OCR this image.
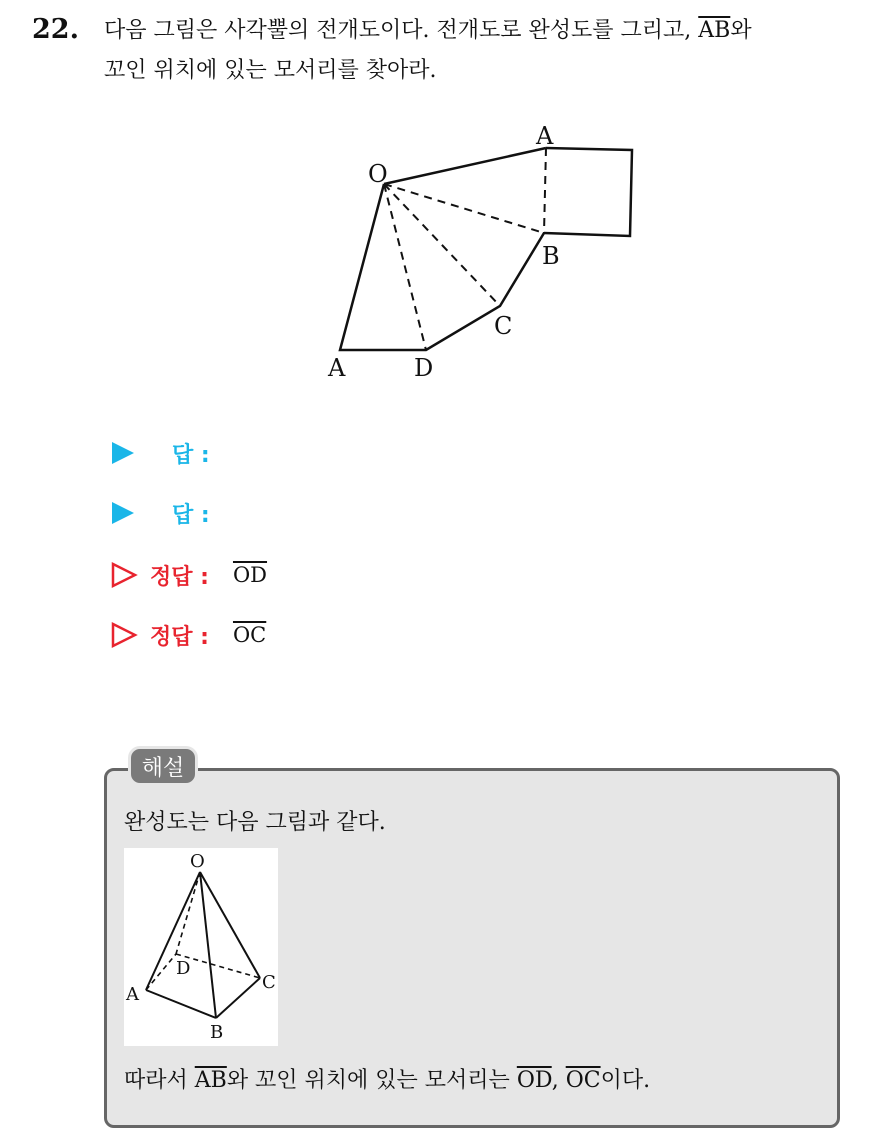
22. 다음 그림은 사각뿔의 전개도이다. 전개도로 완성도를 그리고, $\overline{AB}$와
꼬인 위치에 있는 모서리를 찾아라.
O
A
B
C
D
A
답 :
답 :
정답 : $\overline{OD}$
정답 : $\overline{OC}$
해설
완성도는 다음 그림과 같다.
O
D
A
C
B
따라서 $\overline{AB}$와 꼬인 위치에 있는 모서리는 $\overline{OD}$, $\overline{OC}$이다.
